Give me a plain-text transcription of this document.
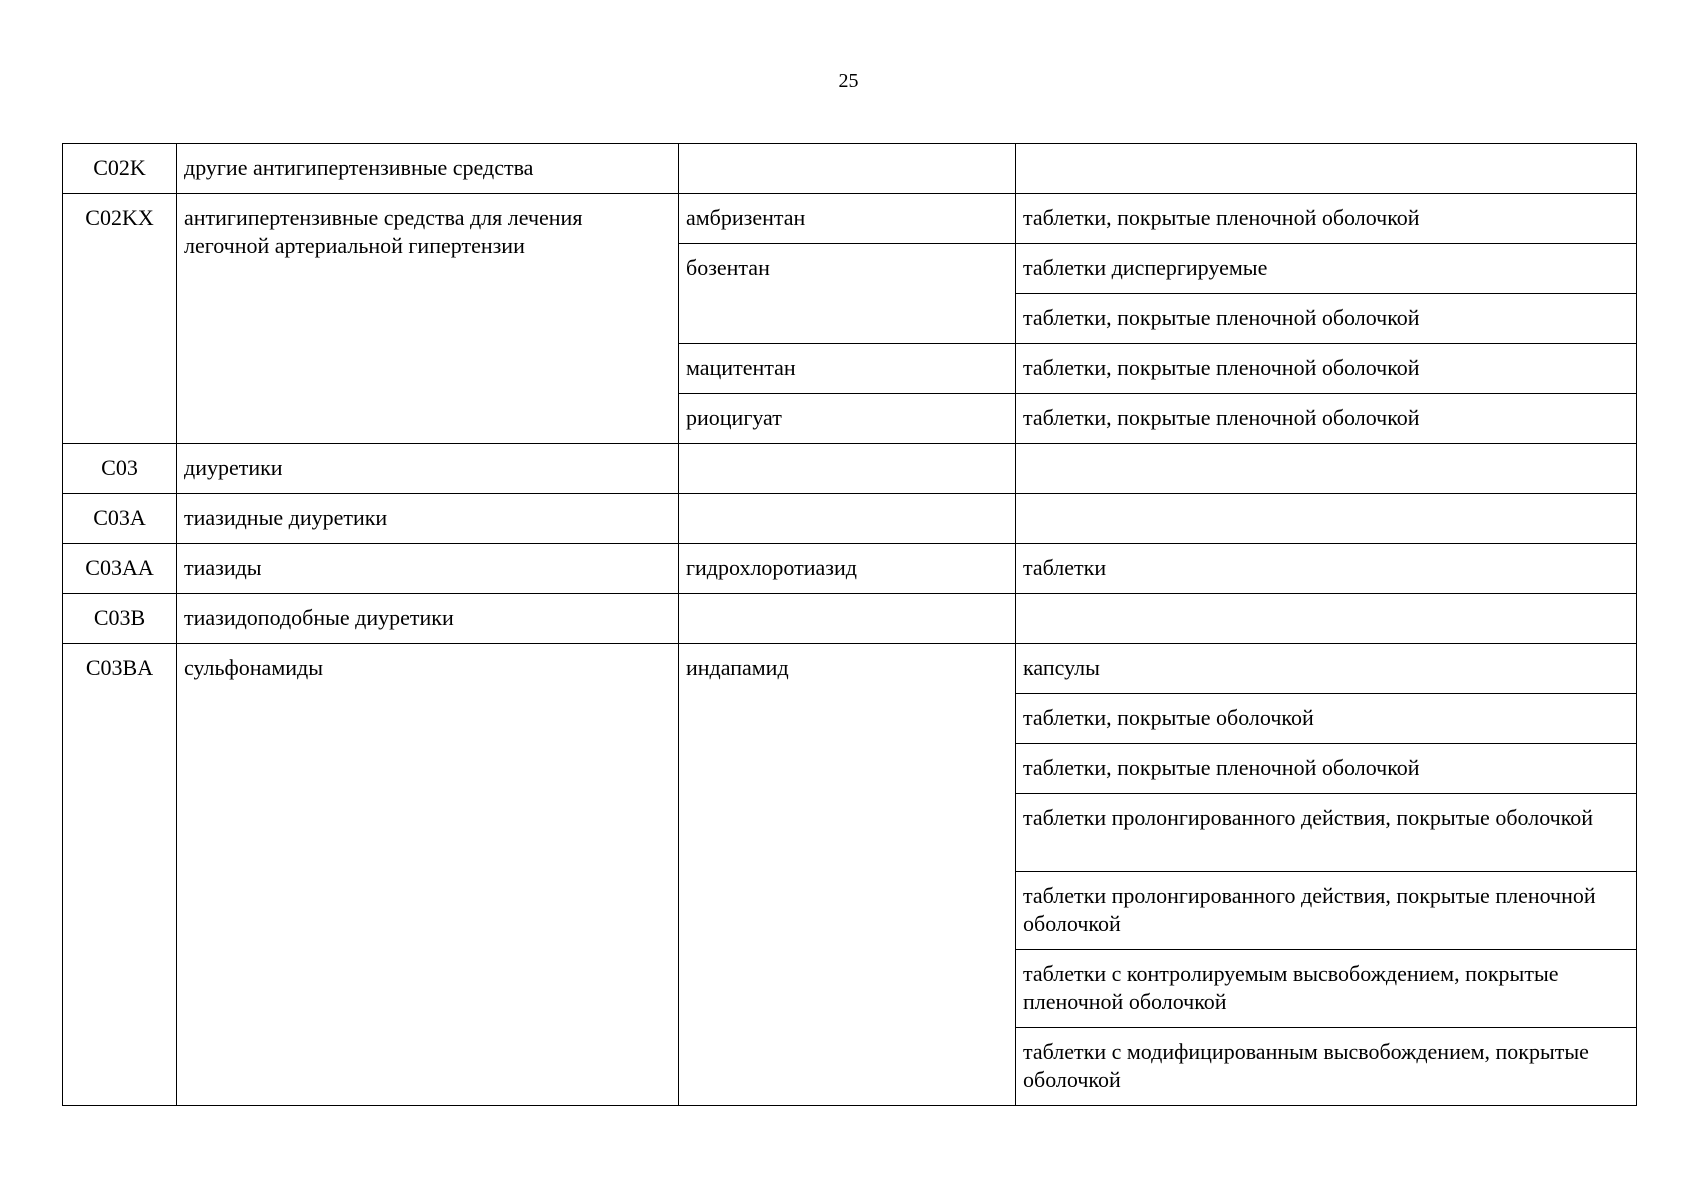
25
C02K	другие антигипертензивные средства		
C02KX	антигипертензивные средства для лечения легочной артериальной гипертензии	амбризентан	таблетки, покрытые пленочной оболочкой
		бозентан	таблетки диспергируемые
			таблетки, покрытые пленочной оболочкой
		мацитентан	таблетки, покрытые пленочной оболочкой
		риоцигуат	таблетки, покрытые пленочной оболочкой
C03	диуретики		
C03A	тиазидные диуретики		
C03AA	тиазиды	гидрохлоротиазид	таблетки
C03B	тиазидоподобные диуретики		
C03BA	сульфонамиды	индапамид	капсулы
			таблетки, покрытые оболочкой
			таблетки, покрытые пленочной оболочкой
			таблетки пролонгированного действия, покрытые оболочкой
			таблетки пролонгированного действия, покрытые пленочной оболочкой
			таблетки с контролируемым высвобождением, покрытые пленочной оболочкой
			таблетки с модифицированным высвобождением, покрытые оболочкой
